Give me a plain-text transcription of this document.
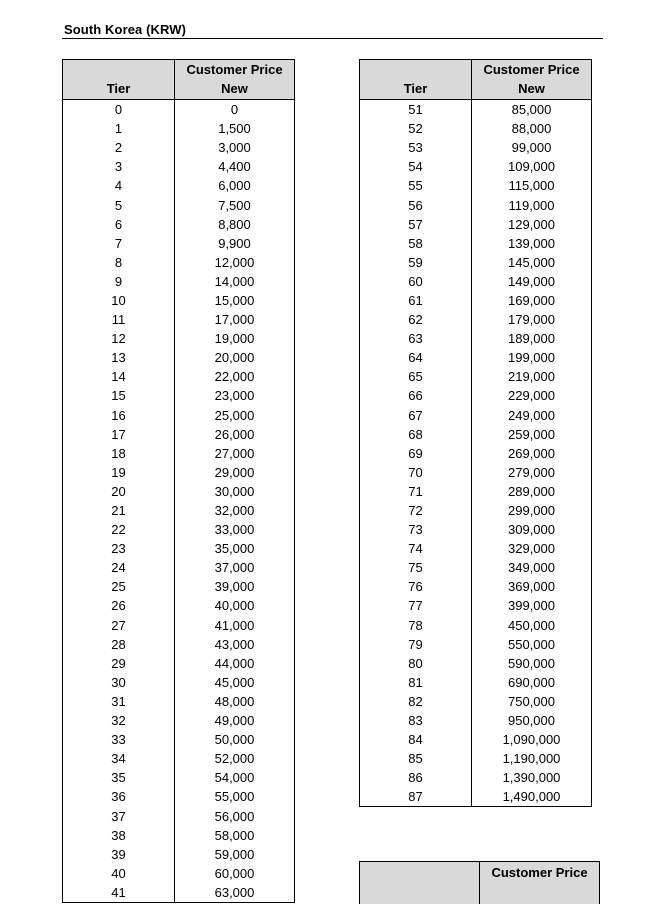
South Korea (KRW)
Tier	Customer Price
New

0	0
1	1,500
2	3,000
3	4,400
4	6,000
5	7,500
6	8,800
7	9,900
8	12,000
9	14,000
10	15,000
11	17,000
12	19,000
13	20,000
14	22,000
15	23,000
16	25,000
17	26,000
18	27,000
19	29,000
20	30,000
21	32,000
22	33,000
23	35,000
24	37,000
25	39,000
26	40,000
27	41,000
28	43,000
29	44,000
30	45,000
31	48,000
32	49,000
33	50,000
34	52,000
35	54,000
36	55,000
37	56,000
38	58,000
39	59,000
40	60,000
41	63,000
Tier	Customer Price
New

51	85,000
52	88,000
53	99,000
54	109,000
55	115,000
56	119,000
57	129,000
58	139,000
59	145,000
60	149,000
61	169,000
62	179,000
63	189,000
64	199,000
65	219,000
66	229,000
67	249,000
68	259,000
69	269,000
70	279,000
71	289,000
72	299,000
73	309,000
74	329,000
75	349,000
76	369,000
77	399,000
78	450,000
79	550,000
80	590,000
81	690,000
82	750,000
83	950,000
84	1,090,000
85	1,190,000
86	1,390,000
87	1,490,000

Customer Price
